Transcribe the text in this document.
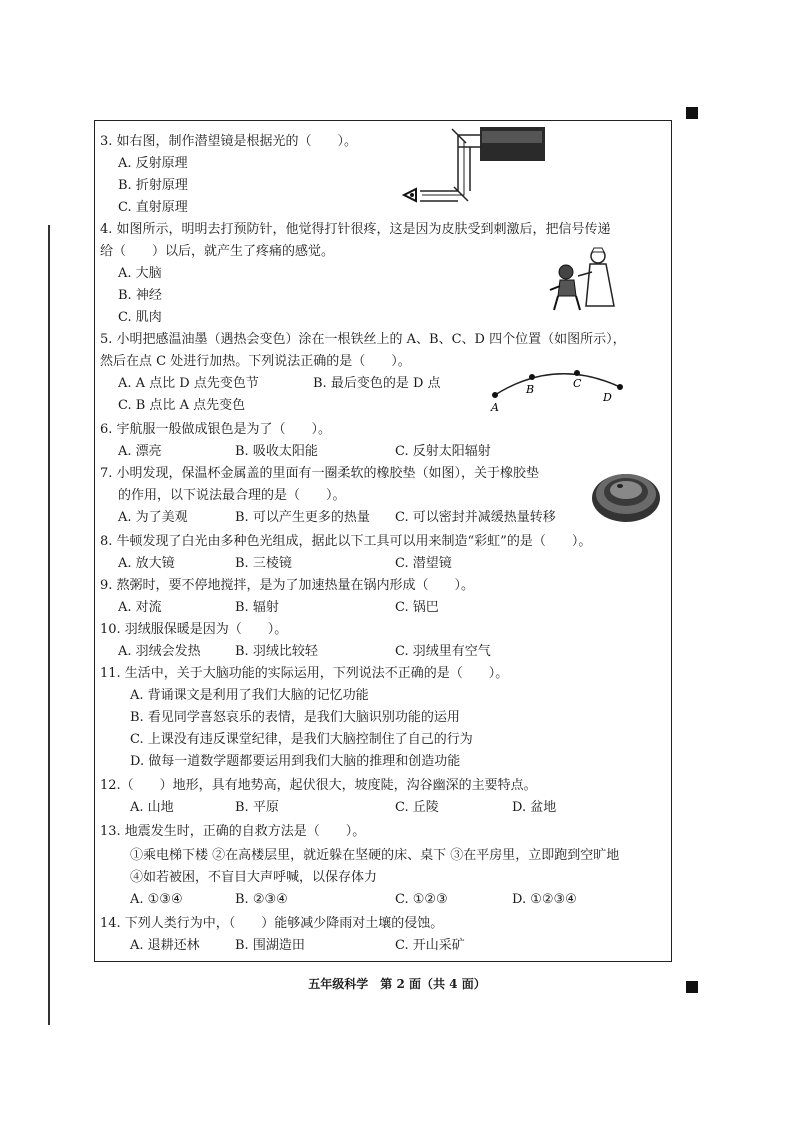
3. 如右图，制作潜望镜是根据光的（　　）。
A. 反射原理
B. 折射原理
C. 直射原理
4. 如图所示，明明去打预防针，他觉得打针很疼，这是因为皮肤受到刺激后，把信号传递
给（　　）以后，就产生了疼痛的感觉。
A. 大脑
B. 神经
C. 肌肉
5. 小明把感温油墨（遇热会变色）涂在一根铁丝上的 A、B、C、D 四个位置（如图所示），
然后在点 C 处进行加热。下列说法正确的是（　　）。
A. A 点比 D 点先变色节	B. 最后变色的是 D 点
C. B 点比 A 点先变色	A
B	C
D
6. 宇航服一般做成银色是为了（　　）。
A. 漂亮	B. 吸收太阳能	C. 反射太阳辐射
7. 小明发现，保温杯金属盖的里面有一圈柔软的橡胶垫（如图），关于橡胶垫
的作用，以下说法最合理的是（　　）。
A. 为了美观	B. 可以产生更多的热量 C. 可以密封并减缓热量转移
8. 牛顿发现了白光由多种色光组成，据此以下工具可以用来制造“彩虹”的是（　　）。
A. 放大镜	B. 三棱镜	C. 潜望镜
9. 熬粥时，要不停地搅拌，是为了加速热量在锅内形成（　　）。
A. 对流	B. 辐射	C. 锅巴
10. 羽绒服保暖是因为（　　）。
A. 羽绒会发热	B. 羽绒比较轻	C. 羽绒里有空气
11. 生活中，关于大脑功能的实际运用，下列说法不正确的是（　　）。
A. 背诵课文是利用了我们大脑的记忆功能
B. 看见同学喜怒哀乐的表情，是我们大脑识别功能的运用
C. 上课没有违反课堂纪律，是我们大脑控制住了自己的行为
D. 做每一道数学题都要运用到我们大脑的推理和创造功能
12.（　　）地形，具有地势高，起伏很大，坡度陡，沟谷幽深的主要特点。
A. 山地	B. 平原	C. 丘陵	D. 盆地
13. 地震发生时，正确的自救方法是（　　）。
①乘电梯下楼 ②在高楼层里，就近躲在坚硬的床、桌下 ③在平房里，立即跑到空旷地
④如若被困，不盲目大声呼喊，以保存体力
A. ①③④	B. ②③④	C. ①②③	D. ①②③④
14. 下列人类行为中，（　　）能够减少降雨对土壤的侵蚀。
A. 退耕还林	B. 围湖造田	C. 开山采矿
五年级科学　第 2 面（共 4 面）
